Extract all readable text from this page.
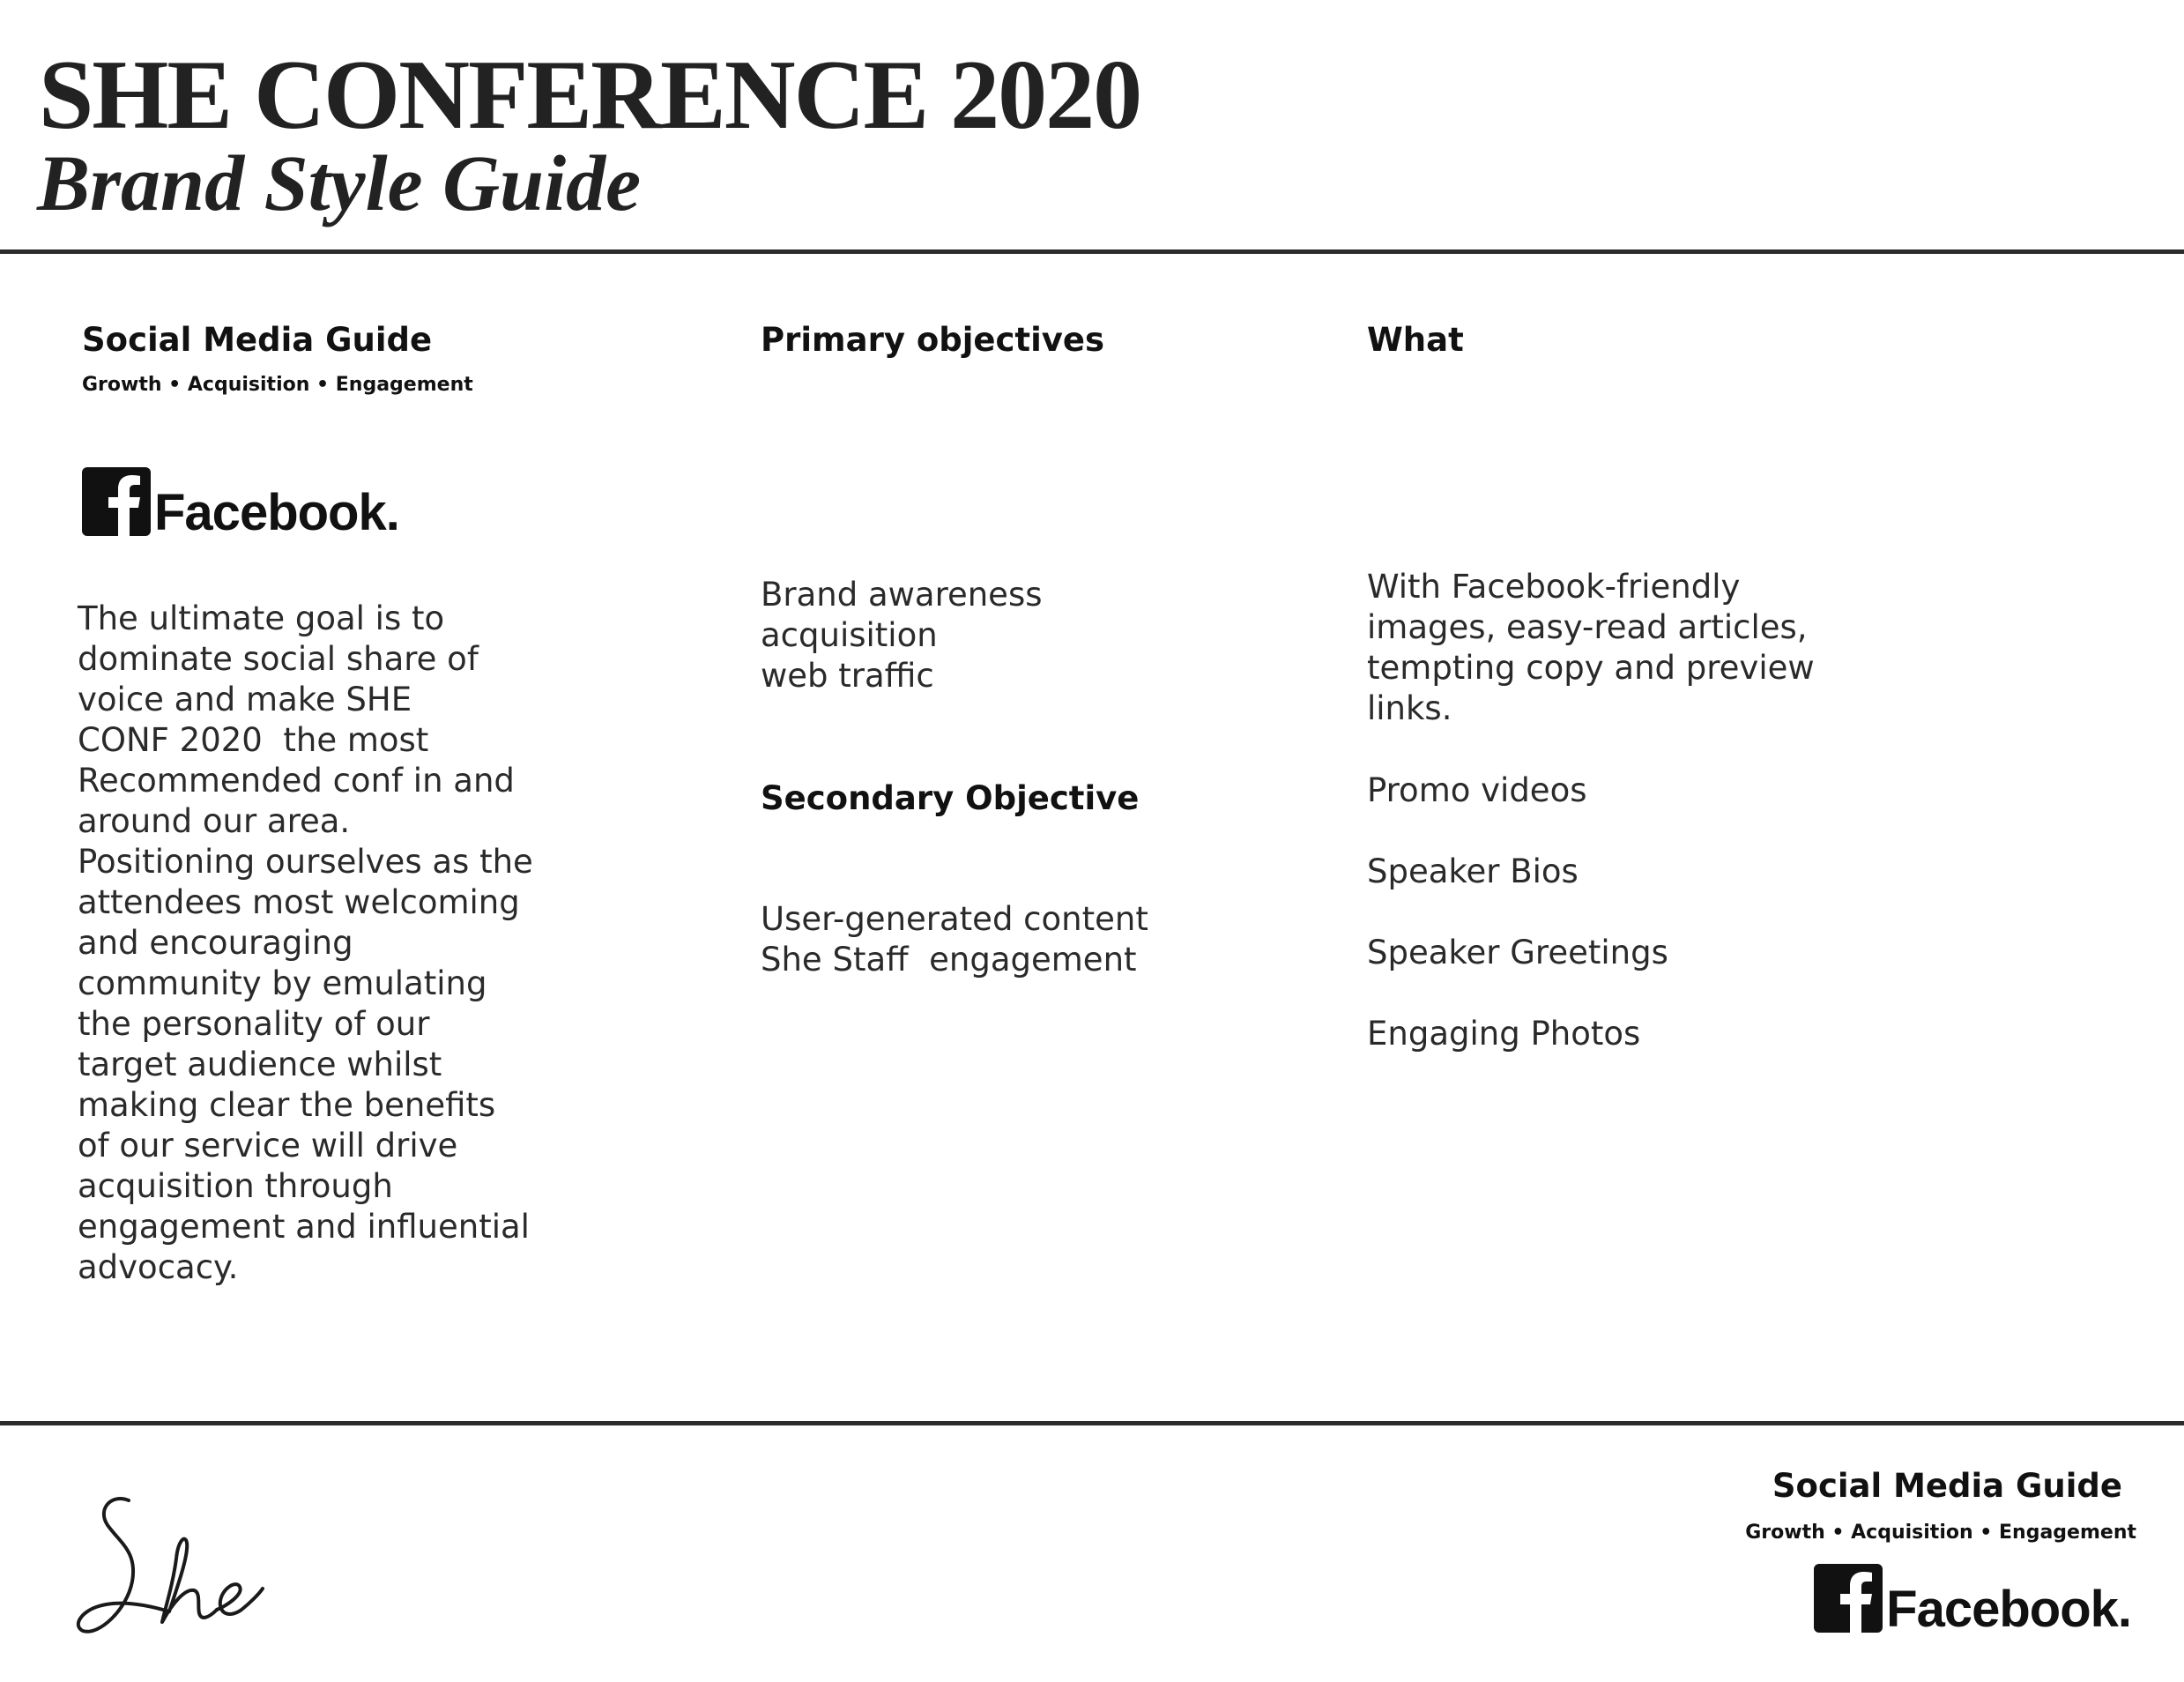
SHE CONFERENCE 2020
Brand Style Guide
Social Media Guide
Growth • Acquisition • Engagement
Facebook.
The ultimate goal is to
dominate social share of
voice and make SHE
CONF 2020  the most
Recommended conf in and
around our area.
Positioning ourselves as the
attendees most welcoming
and encouraging
community by emulating
the personality of our
target audience whilst
making clear the benefits
of our service will drive
acquisition through
engagement and influential
advocacy.
Primary objectives
Brand awareness
acquisition
web traffic
Secondary Objective
User-generated content
She Staff  engagement
What
With Facebook-friendly
images, easy-read articles,
tempting copy and preview
links.
Promo videos
Speaker Bios
Speaker Greetings
Engaging Photos
Social Media Guide
Growth • Acquisition • Engagement
Facebook.
